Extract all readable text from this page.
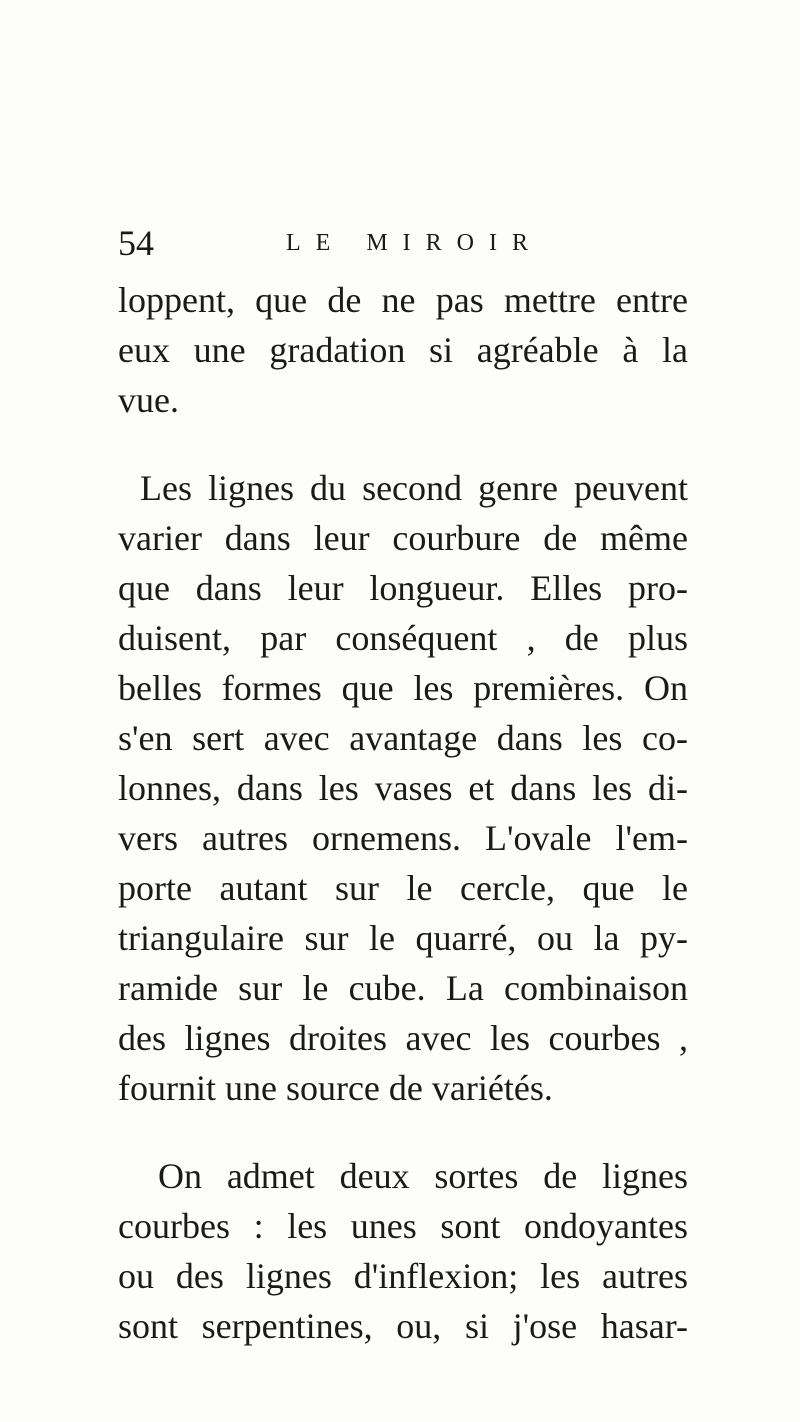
54	LE MIROIR
loppent, que de ne pas mettre entre
eux une gradation si agréable à la
vue.
Les lignes du second genre peuvent
varier dans leur courbure de même
que dans leur longueur. Elles pro-
duisent, par conséquent , de plus
belles formes que les premières. On
s'en sert avec avantage dans les co-
lonnes, dans les vases et dans les di-
vers autres ornemens. L'ovale l'em-
porte autant sur le cercle, que le
triangulaire sur le quarré, ou la py-
ramide sur le cube. La combinaison
des lignes droites avec les courbes ,
fournit une source de variétés.
On admet deux sortes de lignes
courbes : les unes sont ondoyantes
ou des lignes d'inflexion; les autres
sont serpentines, ou, si j'ose hasar-
